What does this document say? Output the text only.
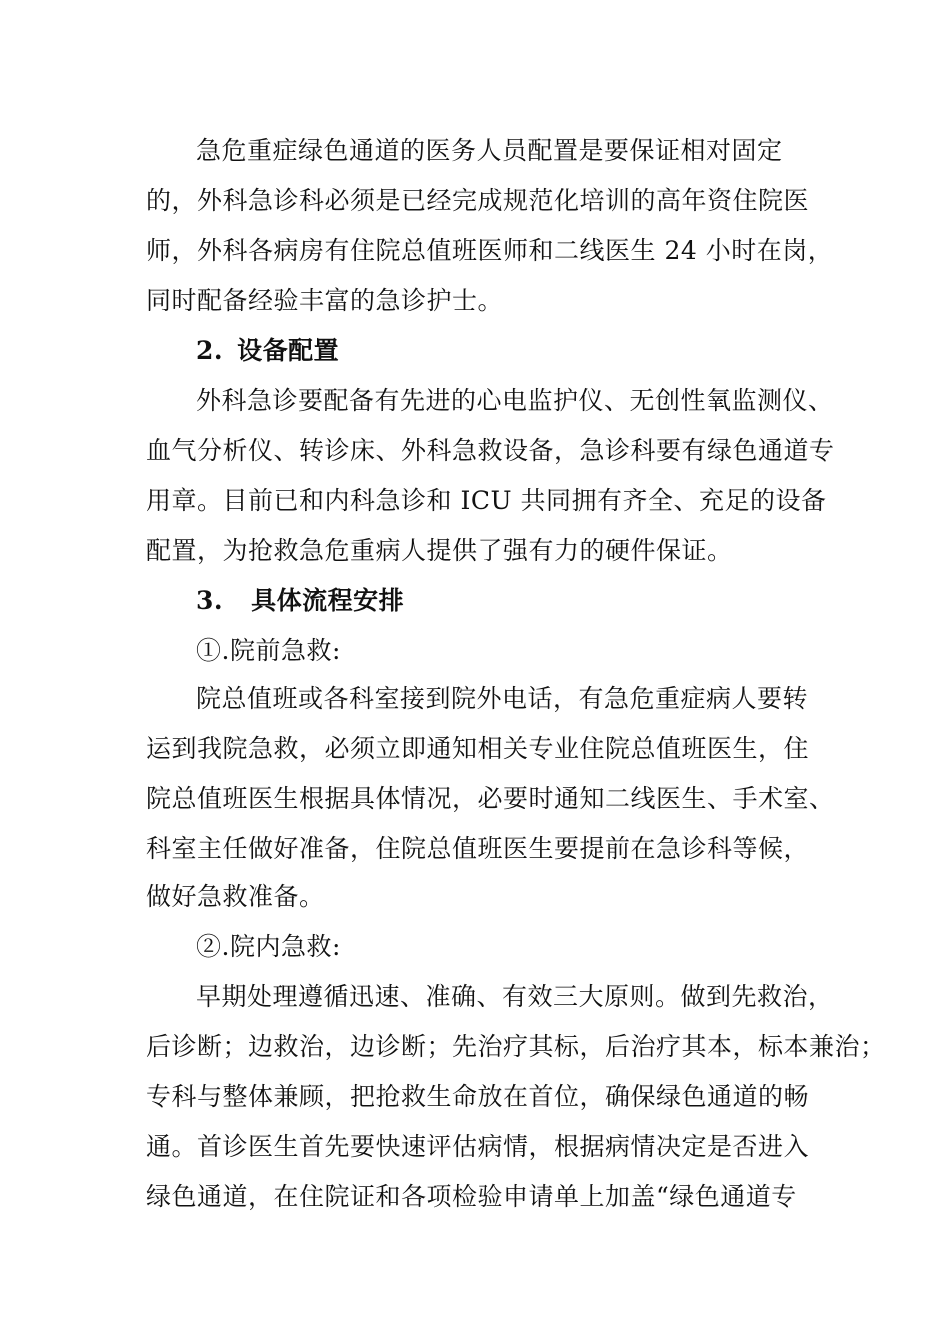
急危重症绿色通道的医务人员配置是要保证相对固定
的，外科急诊科必须是已经完成规范化培训的高年资住院医
师，外科各病房有住院总值班医师和二线医生 24 小时在岗，
同时配备经验丰富的急诊护士。
2. 设备配置
外科急诊要配备有先进的心电监护仪、无创性氧监测仪、
血气分析仪、转诊床、外科急救设备，急诊科要有绿色通道专
用章。目前已和内科急诊和 ICU 共同拥有齐全、充足的设备
配置，为抢救急危重病人提供了强有力的硬件保证。
3. 具体流程安排
①.院前急救:
院总值班或各科室接到院外电话，有急危重症病人要转
运到我院急救，必须立即通知相关专业住院总值班医生，住
院总值班医生根据具体情况，必要时通知二线医生、手术室、
科室主任做好准备，住院总值班医生要提前在急诊科等候，
做好急救准备。
②.院内急救:
早期处理遵循迅速、准确、有效三大原则。做到先救治，
后诊断；边救治，边诊断；先治疗其标，后治疗其本，标本兼治；
专科与整体兼顾，把抢救生命放在首位，确保绿色通道的畅
通。首诊医生首先要快速评估病情，根据病情决定是否进入
绿色通道，在住院证和各项检验申请单上加盖“绿色通道专
